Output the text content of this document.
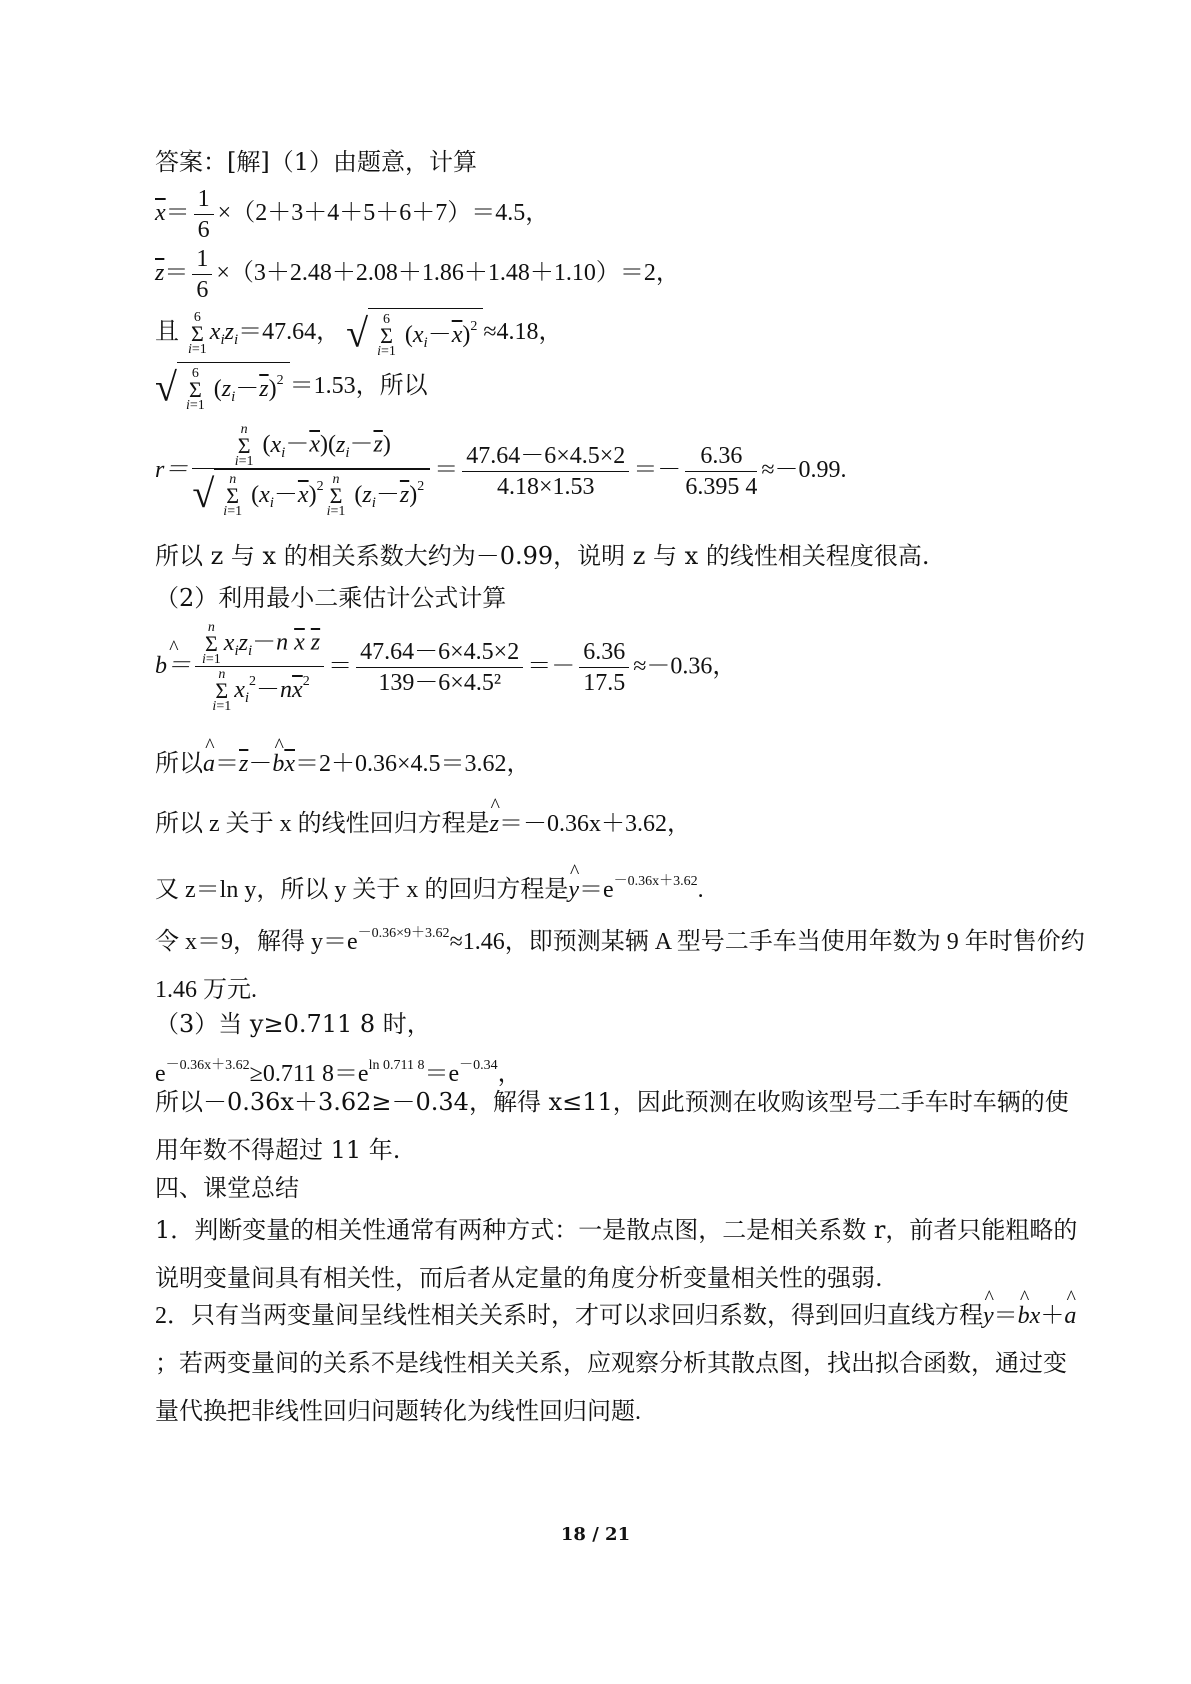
答案：[解]（1）由题意，计算
$\overline{x}= \frac{1}{6} \times(2+3+4+5+6+7)=4.5$，
$\overline{z}= \frac{1}{6} \times(3+2.48+2.08+1.86+1.48+1.10)=2$，
且 6
Σ
$i=1x_iz_i=47.64$， √ 6
Σ
i=1 $(x_i-\overline{x})^2 \approx 4.18$，
√ 6
Σ
i=1 $(z_i-\overline{z})^2 =1.53$，所以
r＝ n
Σ
i=1 $(x_i-\overline{x})(z_i-\overline{z})$
√ n
Σ
i=1 $(x_i-\overline{x})^2$ n
Σ
i=1 $(z_i-\overline{z})^2 = \frac{47.64-6\times 4.5\times 2}{4.18\times 1.53} =- \frac{6.36}{6.395 4} \approx-0.99$.
所以 z 与 x 的相关系数大约为－0.99，说明 z 与 x 的线性相关程度很高.
（2）利用最小二乘估计公式计算
^ b＝ n
Σ
$i=1x_iz_i-n$ $\overline{x}$ $\overline{z}$
n
Σ
$i=1x_i^2-n\overline{x}^2 = \frac{47.64-6\times 4.5\times 2}{\text{139－6×4.5²}} =- \frac{6.36}{17.5} \approx-0.36$，
所以^ $a=\overline{z}-\^{}$ $b\overline{x}=2+0.36\times 4.5=3.62$，
所以 z 关于 x 的线性回归方程是^ z＝－0.36x＋3.62，
又 z＝ln y，所以 y 关于 x 的回归方程是^ $y=e^{-0.36x+3.62}$.
令 x＝9，解得 $y=e^{-0.36\times 9+3.62}\approx 1.46$，即预测某辆 A 型号二手车当使用年数为 9 年时售价约 1.46 万元.
（3）当 y≥0.711 8 时，
$e^{-0.36x+3.62}\ge 0.711$ $8=e^{ln 0.711 8}=e^{-0.34}$，
所以－0.36x＋3.62≥－0.34，解得 x≤11，因此预测在收购该型号二手车时车辆的使用年数不得超过 11 年.
四、课堂总结
1．判断变量的相关性通常有两种方式：一是散点图，二是相关系数 r，前者只能粗略的说明变量间具有相关性，而后者从定量的角度分析变量相关性的强弱.
2．只有当两变量间呈线性相关关系时，才可以求回归系数，得到回归直线方程^ y＝^ bx＋^ a；若两变量间的关系不是线性相关关系，应观察分析其散点图，找出拟合函数，通过变量代换把非线性回归问题转化为线性回归问题.
18 / 21
